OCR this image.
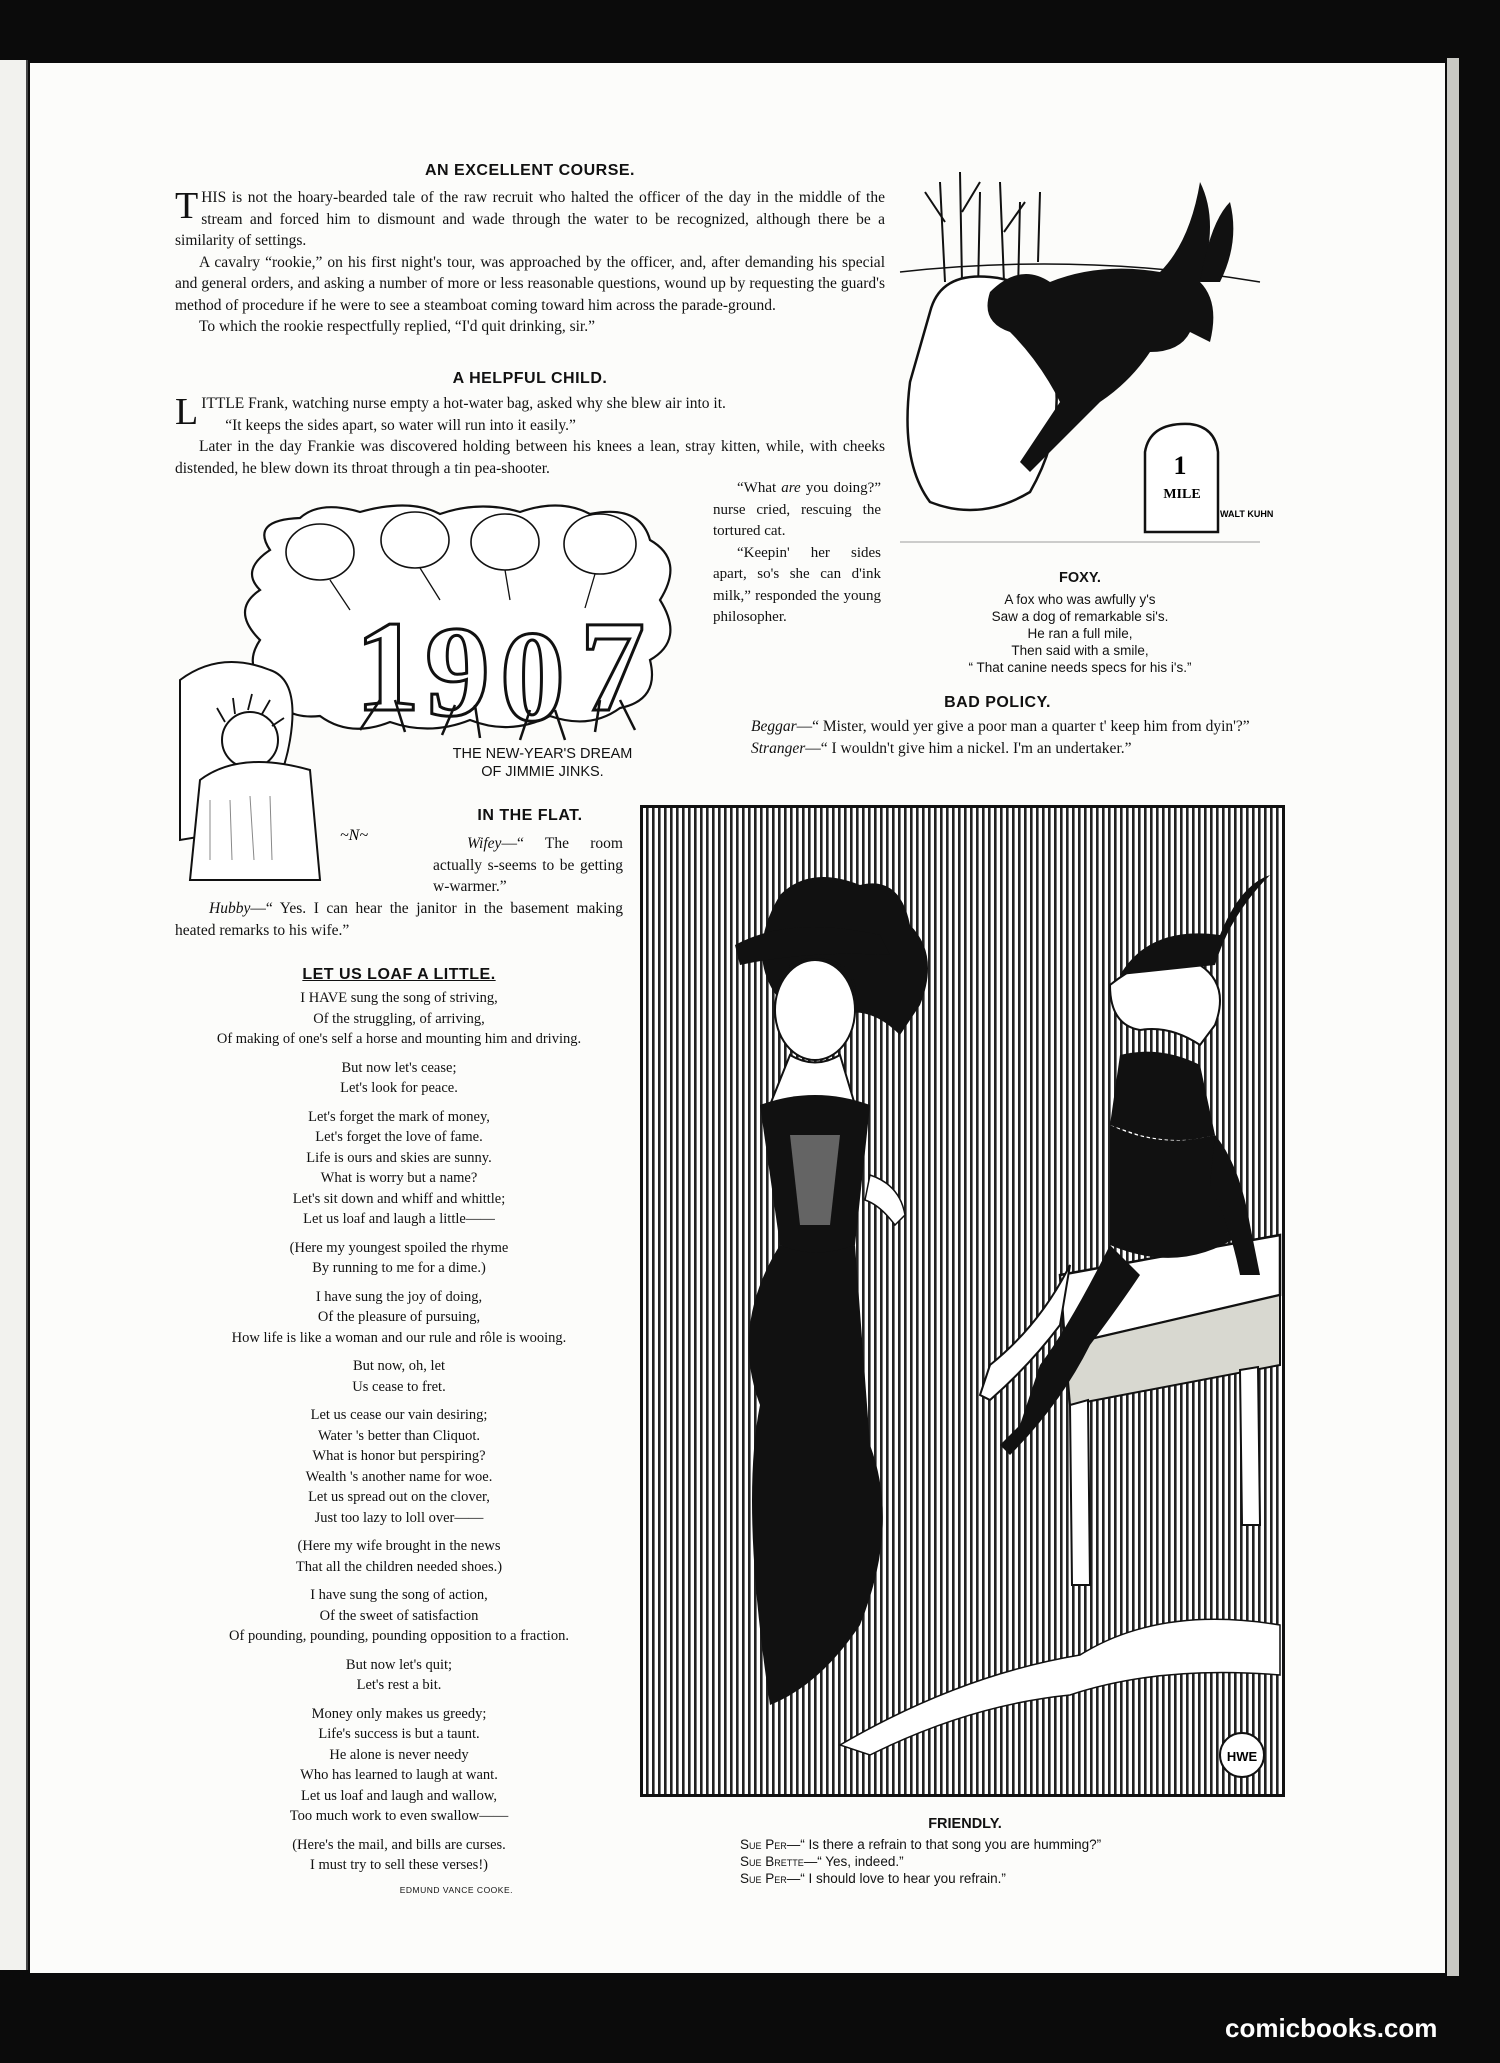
AN EXCELLENT COURSE.

THIS is not the hoary-bearded tale of the raw recruit who halted the officer of the day in the middle of the stream and forced him to dismount and wade through the water to be recognized, although there be a similarity of settings.

A cavalry “rookie,” on his first night's tour, was approached by the officer, and, after demanding his special and general orders, and asking a number of more or less reasonable questions, wound up by requesting the guard's method of procedure if he were to see a steamboat coming toward him across the parade-ground.

To which the rookie respectfully replied, “I'd quit drinking, sir.”

A HELPFUL CHILD.

LITTLE Frank, watching nurse empty a hot-water bag, asked why she blew air into it.

“It keeps the sides apart, so water will run into it easily.”

Later in the day Frankie was discovered holding between his knees a lean, stray kitten, while, with cheeks distended, he blew down its throat through a tin pea-shooter.

“What are you doing?” nurse cried, rescuing the tortured cat.

“Keepin' her sides apart, so's she can d'ink milk,” responded the young philosopher.

1 9 0 7
~N~
THE NEW-YEAR'S DREAM
OF JIMMIE JINKS.
1
MILE
WALT KUHN
FOXY.
A fox who was awfully y's
Saw a dog of remarkable si's.
He ran a full mile,
Then said with a smile,
“ That canine needs specs for his i's.”
BAD POLICY.
Beggar—“ Mister, would yer give a poor man a quarter t' keep him from dyin'?”
Stranger—“ I wouldn't give him a nickel. I'm an undertaker.”
IN THE FLAT.
Wifey—“ The room actually s-seems to be getting w-warmer.”
Hubby—“ Yes. I can hear the janitor in the basement making heated remarks to his wife.”
LET US LOAF A LITTLE.
I HAVE sung the song of striving,
Of the struggling, of arriving,
Of making of one's self a horse and mounting him and driving.
But now let's cease;
Let's look for peace.
Let's forget the mark of money,
Let's forget the love of fame.
Life is ours and skies are sunny.
What is worry but a name?
Let's sit down and whiff and whittle;
Let us loaf and laugh a little——
(Here my youngest spoiled the rhyme
By running to me for a dime.)
I have sung the joy of doing,
Of the pleasure of pursuing,
How life is like a woman and our rule and rôle is wooing.
But now, oh, let
Us cease to fret.
Let us cease our vain desiring;
Water 's better than Cliquot.
What is honor but perspiring?
Wealth 's another name for woe.
Let us spread out on the clover,
Just too lazy to loll over——
(Here my wife brought in the news
That all the children needed shoes.)
I have sung the song of action,
Of the sweet of satisfaction
Of pounding, pounding, pounding opposition to a fraction.
But now let's quit;
Let's rest a bit.
Money only makes us greedy;
Life's success is but a taunt.
He alone is never needy
Who has learned to laugh at want.
Let us loaf and laugh and wallow,
Too much work to even swallow——
(Here's the mail, and bills are curses.
I must try to sell these verses!)
EDMUND VANCE COOKE.
HWE
FRIENDLY.
Sue Per—“ Is there a refrain to that song you are humming?”
Sue Brette—“ Yes, indeed.”
Sue Per—“ I should love to hear you refrain.”
comicbooks.com
